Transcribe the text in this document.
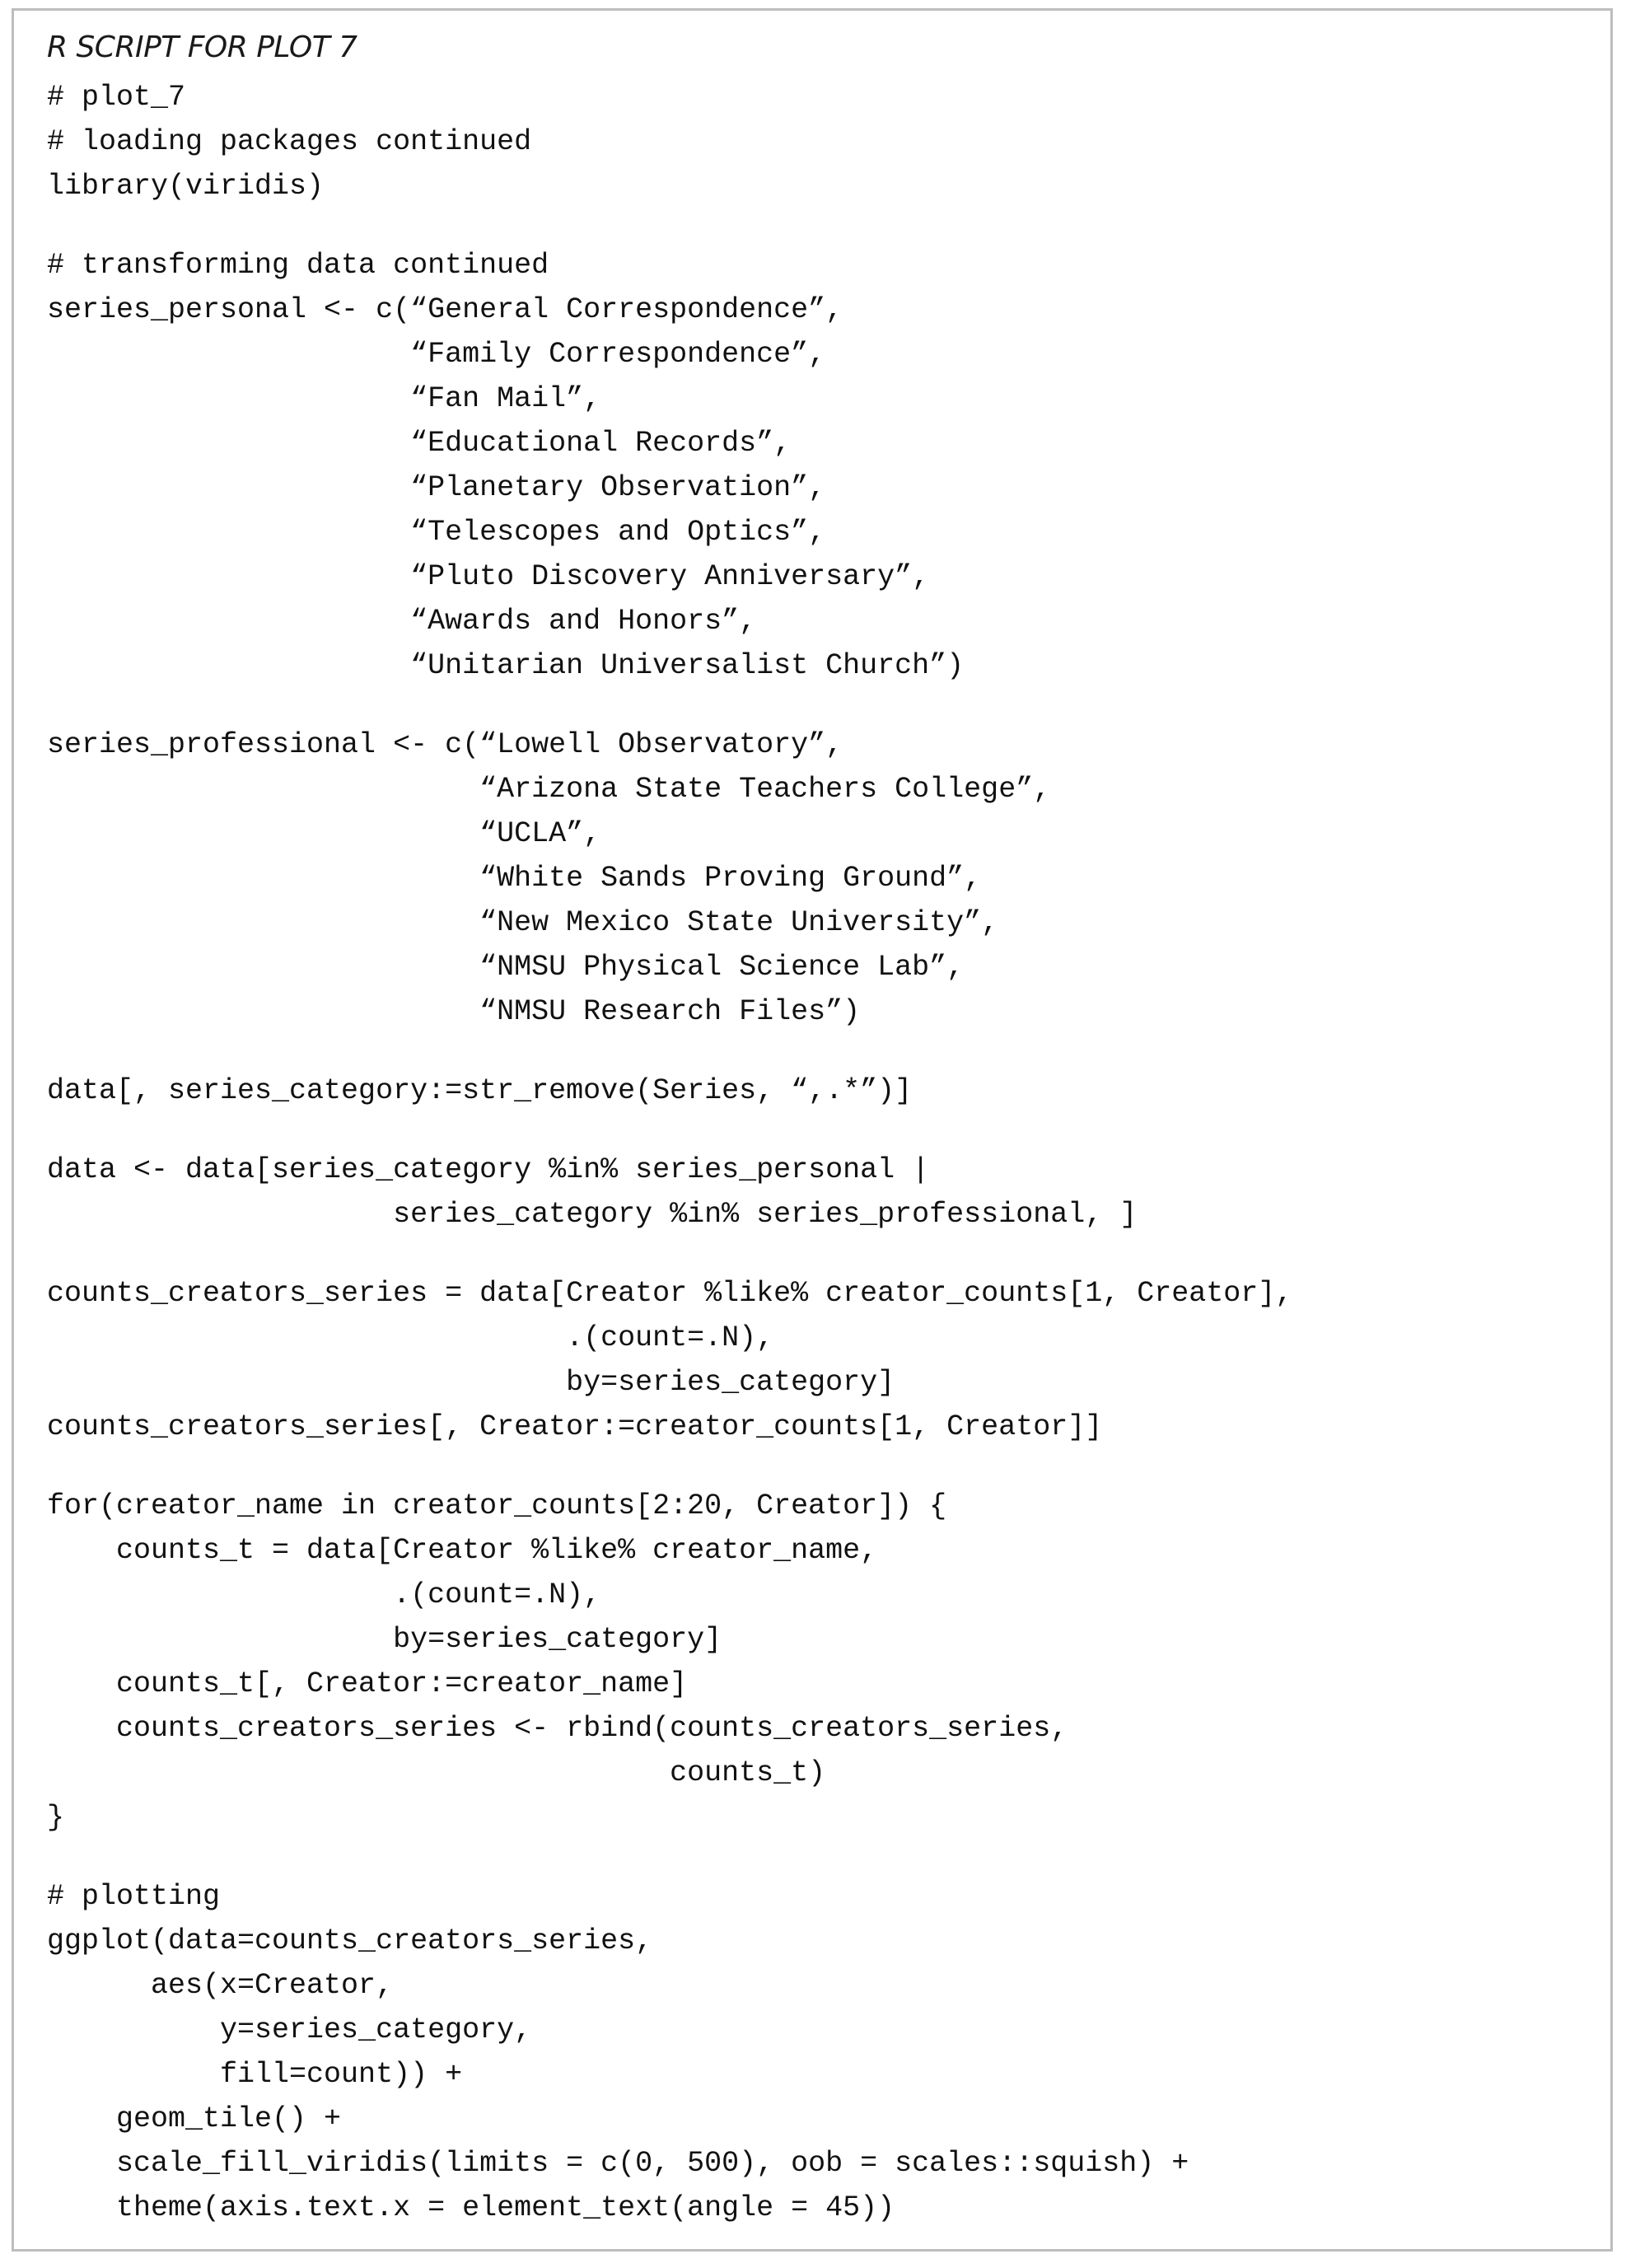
R SCRIPT FOR PLOT 7
# plot_7
# loading packages continued
library(viridis)
# transforming data continued
series_personal <- c(“General Correspondence”,
“Family Correspondence”,
“Fan Mail”,
“Educational Records”,
“Planetary Observation”,
“Telescopes and Optics”,
“Pluto Discovery Anniversary”,
“Awards and Honors”,
“Unitarian Universalist Church”)
series_professional <- c(“Lowell Observatory”,
“Arizona State Teachers College”,
“UCLA”,
“White Sands Proving Ground”,
“New Mexico State University”,
“NMSU Physical Science Lab”,
“NMSU Research Files”)
data[, series_category:=str_remove(Series, “,.*”)]
data <- data[series_category %in% series_personal |
series_category %in% series_professional, ]
counts_creators_series = data[Creator %like% creator_counts[1, Creator],
.(count=.N),
by=series_category]
counts_creators_series[, Creator:=creator_counts[1, Creator]]
for(creator_name in creator_counts[2:20, Creator]) {
counts_t = data[Creator %like% creator_name,
.(count=.N),
by=series_category]
counts_t[, Creator:=creator_name]
counts_creators_series <- rbind(counts_creators_series,
counts_t)
}
# plotting
ggplot(data=counts_creators_series,
aes(x=Creator,
y=series_category,
fill=count)) +
geom_tile() +
scale_fill_viridis(limits = c(0, 500), oob = scales::squish) +
theme(axis.text.x = element_text(angle = 45))
